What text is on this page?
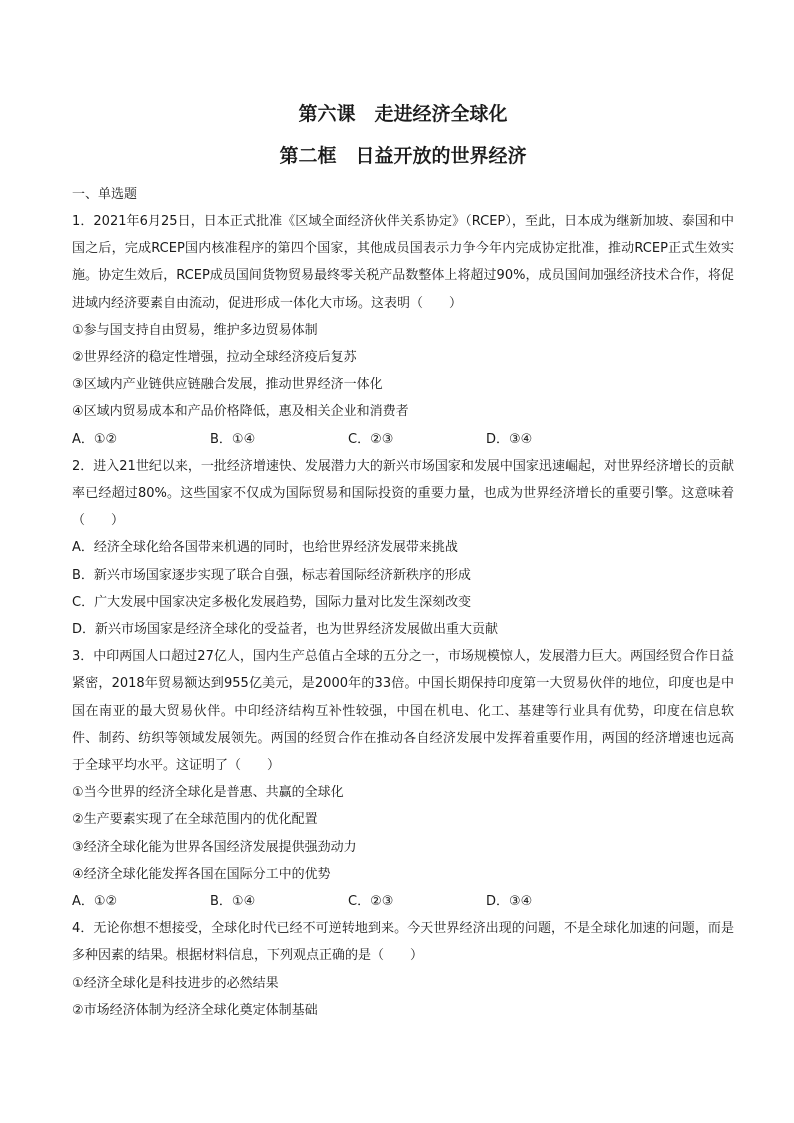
第六课　走进经济全球化
第二框　日益开放的世界经济
一、单选题

1．2021年6月25日，日本正式批准《区域全面经济伙伴关系协定》（RCEP），至此，日本成为继新加坡、泰国和中国之后，完成RCEP国内核准程序的第四个国家，其他成员国表示力争今年内完成协定批准，推动RCEP正式生效实施。协定生效后，RCEP成员国间货物贸易最终零关税产品数整体上将超过90%，成员国间加强经济技术合作，将促进域内经济要素自由流动，促进形成一体化大市场。这表明（　　）

①参与国支持自由贸易，维护多边贸易体制

②世界经济的稳定性增强，拉动全球经济疫后复苏

③区域内产业链供应链融合发展，推动世界经济一体化

④区域内贸易成本和产品价格降低，惠及相关企业和消费者

A．①②	B．①④	C．②③	D．③④

2．进入21世纪以来，一批经济增速快、发展潜力大的新兴市场国家和发展中国家迅速崛起，对世界经济增长的贡献率已经超过80%。这些国家不仅成为国际贸易和国际投资的重要力量，也成为世界经济增长的重要引擎。这意味着（　　）

A．经济全球化给各国带来机遇的同时，也给世界经济发展带来挑战

B．新兴市场国家逐步实现了联合自强，标志着国际经济新秩序的形成

C．广大发展中国家决定多极化发展趋势，国际力量对比发生深刻改变

D．新兴市场国家是经济全球化的受益者，也为世界经济发展做出重大贡献

3．中印两国人口超过27亿人，国内生产总值占全球的五分之一，市场规模惊人，发展潜力巨大。两国经贸合作日益紧密，2018年贸易额达到955亿美元，是2000年的33倍。中国长期保持印度第一大贸易伙伴的地位，印度也是中国在南亚的最大贸易伙伴。中印经济结构互补性较强，中国在机电、化工、基建等行业具有优势，印度在信息软件、制药、纺织等领域发展领先。两国的经贸合作在推动各自经济发展中发挥着重要作用，两国的经济增速也远高于全球平均水平。这证明了（　　）

①当今世界的经济全球化是普惠、共赢的全球化

②生产要素实现了在全球范围内的优化配置

③经济全球化能为世界各国经济发展提供强劲动力

④经济全球化能发挥各国在国际分工中的优势

A．①②	B．①④	C．②③	D．③④

4．无论你想不想接受，全球化时代已经不可逆转地到来。今天世界经济出现的问题，不是全球化加速的问题，而是多种因素的结果。根据材料信息，下列观点正确的是（　　）

①经济全球化是科技进步的必然结果

②市场经济体制为经济全球化奠定体制基础
